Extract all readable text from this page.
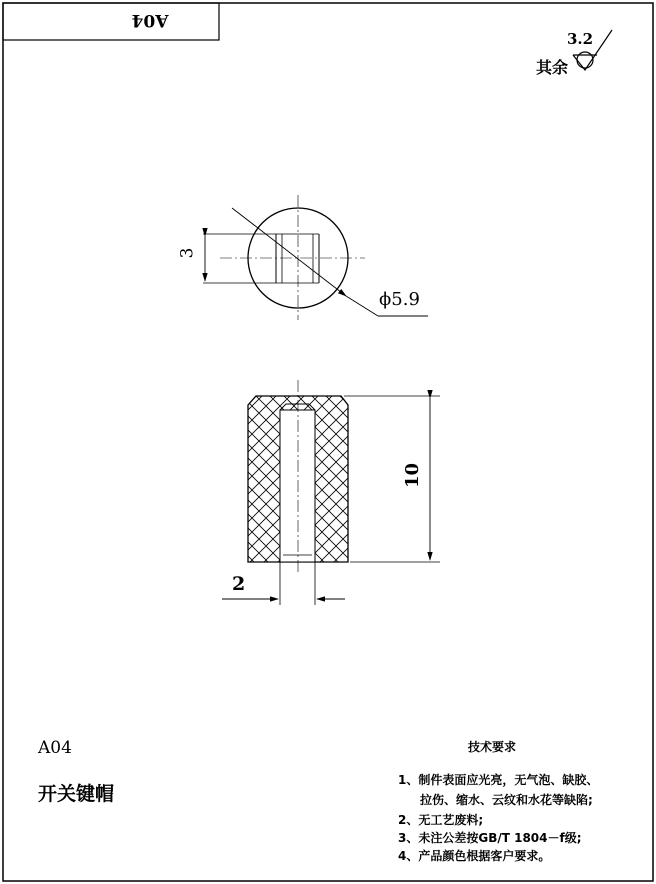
A04
3.2
其余
ϕ5.9
3
10
2
A04
开关键帽
技术要求
1、制件表面应光亮，无气泡、缺胶、
拉伤、缩水、云纹和水花等缺陷;
2、无工艺废料;
3、未注公差按GB/T 1804－f级;
4、产品颜色根据客户要求。
